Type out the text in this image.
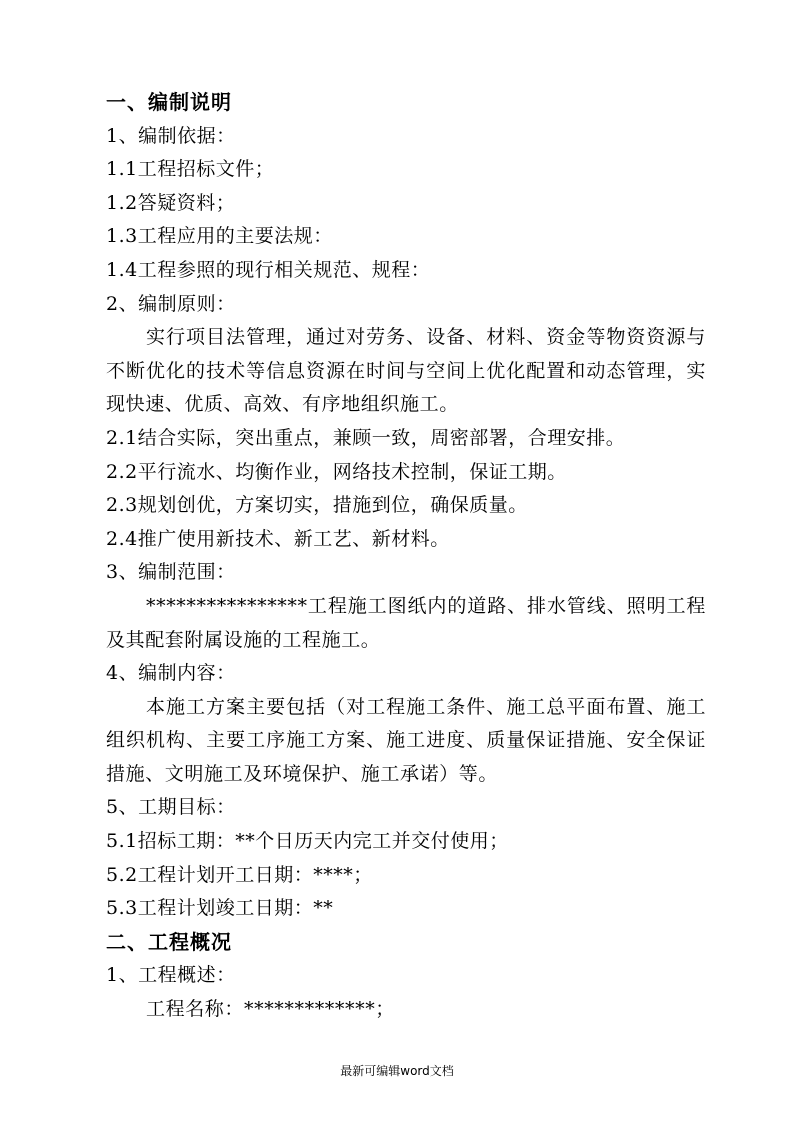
一、编制说明
1、编制依据：
1.1工程招标文件；
1.2答疑资料；
1.3工程应用的主要法规：
1.4工程参照的现行相关规范、规程：
2、编制原则：
实行项目法管理，通过对劳务、设备、材料、资金等物资资源与不断优化的技术等信息资源在时间与空间上优化配置和动态管理，实现快速、优质、高效、有序地组织施工。
2.1结合实际，突出重点，兼顾一致，周密部署，合理安排。
2.2平行流水、均衡作业，网络技术控制，保证工期。
2.3规划创优，方案切实，措施到位，确保质量。
2.4推广使用新技术、新工艺、新材料。
3、编制范围：
****************工程施工图纸内的道路、排水管线、照明工程及其配套附属设施的工程施工。
4、编制内容：
本施工方案主要包括（对工程施工条件、施工总平面布置、施工组织机构、主要工序施工方案、施工进度、质量保证措施、安全保证措施、文明施工及环境保护、施工承诺）等。
5、工期目标：
5.1招标工期：**个日历天内完工并交付使用；
5.2工程计划开工日期：****；
5.3工程计划竣工日期：**
二、工程概况
1、工程概述：
工程名称：*************；
最新可编辑word文档
